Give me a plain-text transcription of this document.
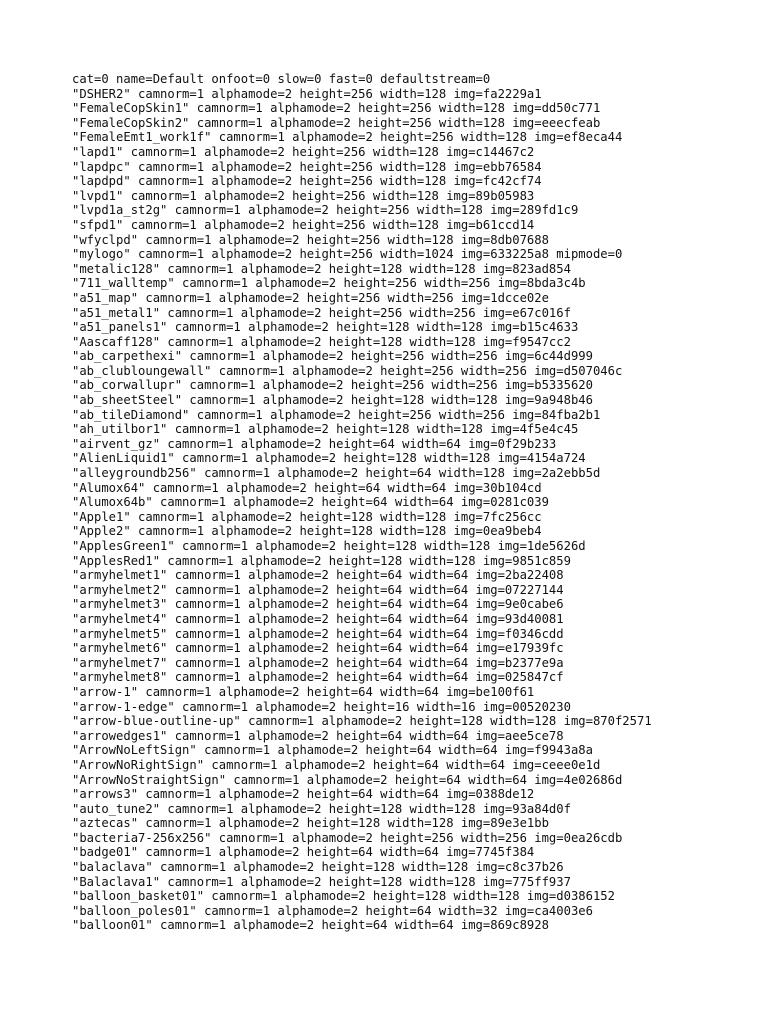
cat=0 name=Default onfoot=0 slow=0 fast=0 defaultstream=0
"DSHER2" camnorm=1 alphamode=2 height=256 width=128 img=fa2229a1
"FemaleCopSkin1" camnorm=1 alphamode=2 height=256 width=128 img=dd50c771
"FemaleCopSkin2" camnorm=1 alphamode=2 height=256 width=128 img=eeecfeab
"FemaleEmt1_work1f" camnorm=1 alphamode=2 height=256 width=128 img=ef8eca44
"lapd1" camnorm=1 alphamode=2 height=256 width=128 img=c14467c2
"lapdpc" camnorm=1 alphamode=2 height=256 width=128 img=ebb76584
"lapdpd" camnorm=1 alphamode=2 height=256 width=128 img=fc42cf74
"lvpd1" camnorm=1 alphamode=2 height=256 width=128 img=89b05983
"lvpd1a_st2g" camnorm=1 alphamode=2 height=256 width=128 img=289fd1c9
"sfpd1" camnorm=1 alphamode=2 height=256 width=128 img=b61ccd14
"wfyclpd" camnorm=1 alphamode=2 height=256 width=128 img=8db07688
"mylogo" camnorm=1 alphamode=2 height=256 width=1024 img=633225a8 mipmode=0
"metalic128" camnorm=1 alphamode=2 height=128 width=128 img=823ad854
"711_walltemp" camnorm=1 alphamode=2 height=256 width=256 img=8bda3c4b
"a51_map" camnorm=1 alphamode=2 height=256 width=256 img=1dcce02e
"a51_metal1" camnorm=1 alphamode=2 height=256 width=256 img=e67c016f
"a51_panels1" camnorm=1 alphamode=2 height=128 width=128 img=b15c4633
"Aascaff128" camnorm=1 alphamode=2 height=128 width=128 img=f9547cc2
"ab_carpethexi" camnorm=1 alphamode=2 height=256 width=256 img=6c44d999
"ab_clubloungewall" camnorm=1 alphamode=2 height=256 width=256 img=d507046c
"ab_corwallupr" camnorm=1 alphamode=2 height=256 width=256 img=b5335620
"ab_sheetSteel" camnorm=1 alphamode=2 height=128 width=128 img=9a948b46
"ab_tileDiamond" camnorm=1 alphamode=2 height=256 width=256 img=84fba2b1
"ah_utilbor1" camnorm=1 alphamode=2 height=128 width=128 img=4f5e4c45
"airvent_gz" camnorm=1 alphamode=2 height=64 width=64 img=0f29b233
"AlienLiquid1" camnorm=1 alphamode=2 height=128 width=128 img=4154a724
"alleygroundb256" camnorm=1 alphamode=2 height=64 width=128 img=2a2ebb5d
"Alumox64" camnorm=1 alphamode=2 height=64 width=64 img=30b104cd
"Alumox64b" camnorm=1 alphamode=2 height=64 width=64 img=0281c039
"Apple1" camnorm=1 alphamode=2 height=128 width=128 img=7fc256cc
"Apple2" camnorm=1 alphamode=2 height=128 width=128 img=0ea9beb4
"ApplesGreen1" camnorm=1 alphamode=2 height=128 width=128 img=1de5626d
"ApplesRed1" camnorm=1 alphamode=2 height=128 width=128 img=9851c859
"armyhelmet1" camnorm=1 alphamode=2 height=64 width=64 img=2ba22408
"armyhelmet2" camnorm=1 alphamode=2 height=64 width=64 img=07227144
"armyhelmet3" camnorm=1 alphamode=2 height=64 width=64 img=9e0cabe6
"armyhelmet4" camnorm=1 alphamode=2 height=64 width=64 img=93d40081
"armyhelmet5" camnorm=1 alphamode=2 height=64 width=64 img=f0346cdd
"armyhelmet6" camnorm=1 alphamode=2 height=64 width=64 img=e17939fc
"armyhelmet7" camnorm=1 alphamode=2 height=64 width=64 img=b2377e9a
"armyhelmet8" camnorm=1 alphamode=2 height=64 width=64 img=025847cf
"arrow-1" camnorm=1 alphamode=2 height=64 width=64 img=be100f61
"arrow-1-edge" camnorm=1 alphamode=2 height=16 width=16 img=00520230
"arrow-blue-outline-up" camnorm=1 alphamode=2 height=128 width=128 img=870f2571
"arrowedges1" camnorm=1 alphamode=2 height=64 width=64 img=aee5ce78
"ArrowNoLeftSign" camnorm=1 alphamode=2 height=64 width=64 img=f9943a8a
"ArrowNoRightSign" camnorm=1 alphamode=2 height=64 width=64 img=ceee0e1d
"ArrowNoStraightSign" camnorm=1 alphamode=2 height=64 width=64 img=4e02686d
"arrows3" camnorm=1 alphamode=2 height=64 width=64 img=0388de12
"auto_tune2" camnorm=1 alphamode=2 height=128 width=128 img=93a84d0f
"aztecas" camnorm=1 alphamode=2 height=128 width=128 img=89e3e1bb
"bacteria7-256x256" camnorm=1 alphamode=2 height=256 width=256 img=0ea26cdb
"badge01" camnorm=1 alphamode=2 height=64 width=64 img=7745f384
"balaclava" camnorm=1 alphamode=2 height=128 width=128 img=c8c37b26
"Balaclava1" camnorm=1 alphamode=2 height=128 width=128 img=775ff937
"balloon_basket01" camnorm=1 alphamode=2 height=128 width=128 img=d0386152
"balloon_poles01" camnorm=1 alphamode=2 height=64 width=32 img=ca4003e6
"balloon01" camnorm=1 alphamode=2 height=64 width=64 img=869c8928
